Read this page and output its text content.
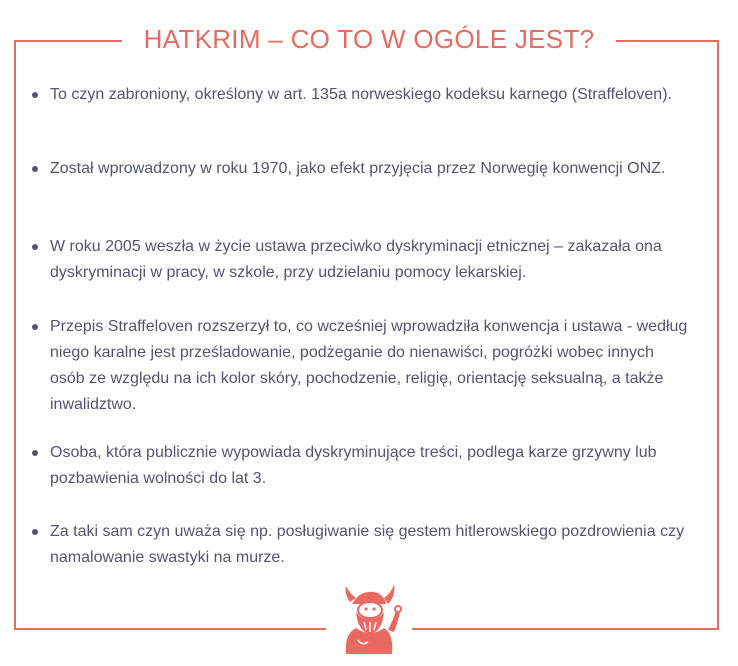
HATKRIM – CO TO W OGÓLE JEST?
To czyn zabroniony, określony w art. 135a norweskiego kodeksu karnego (Straffeloven).
Został wprowadzony w roku 1970, jako efekt przyjęcia przez Norwegię konwencji ONZ.
W roku 2005 weszła w życie ustawa przeciwko dyskryminacji etnicznej – zakazała ona dyskryminacji w pracy, w szkole, przy udzielaniu pomocy lekarskiej.
Przepis Straffeloven rozszerzył to, co wcześniej wprowadziła konwencja i ustawa - według niego karalne jest prześladowanie, podżeganie do nienawiści, pogróżki wobec innych osób ze względu na ich kolor skóry, pochodzenie, religię, orientację seksualną, a także inwalidztwo.
Osoba, która publicznie wypowiada dyskryminujące treści, podlega karze grzywny lub pozbawienia wolności do lat 3.
Za taki sam czyn uważa się np. posługiwanie się gestem hitlerowskiego pozdrowienia czy namalowanie swastyki na murze.
